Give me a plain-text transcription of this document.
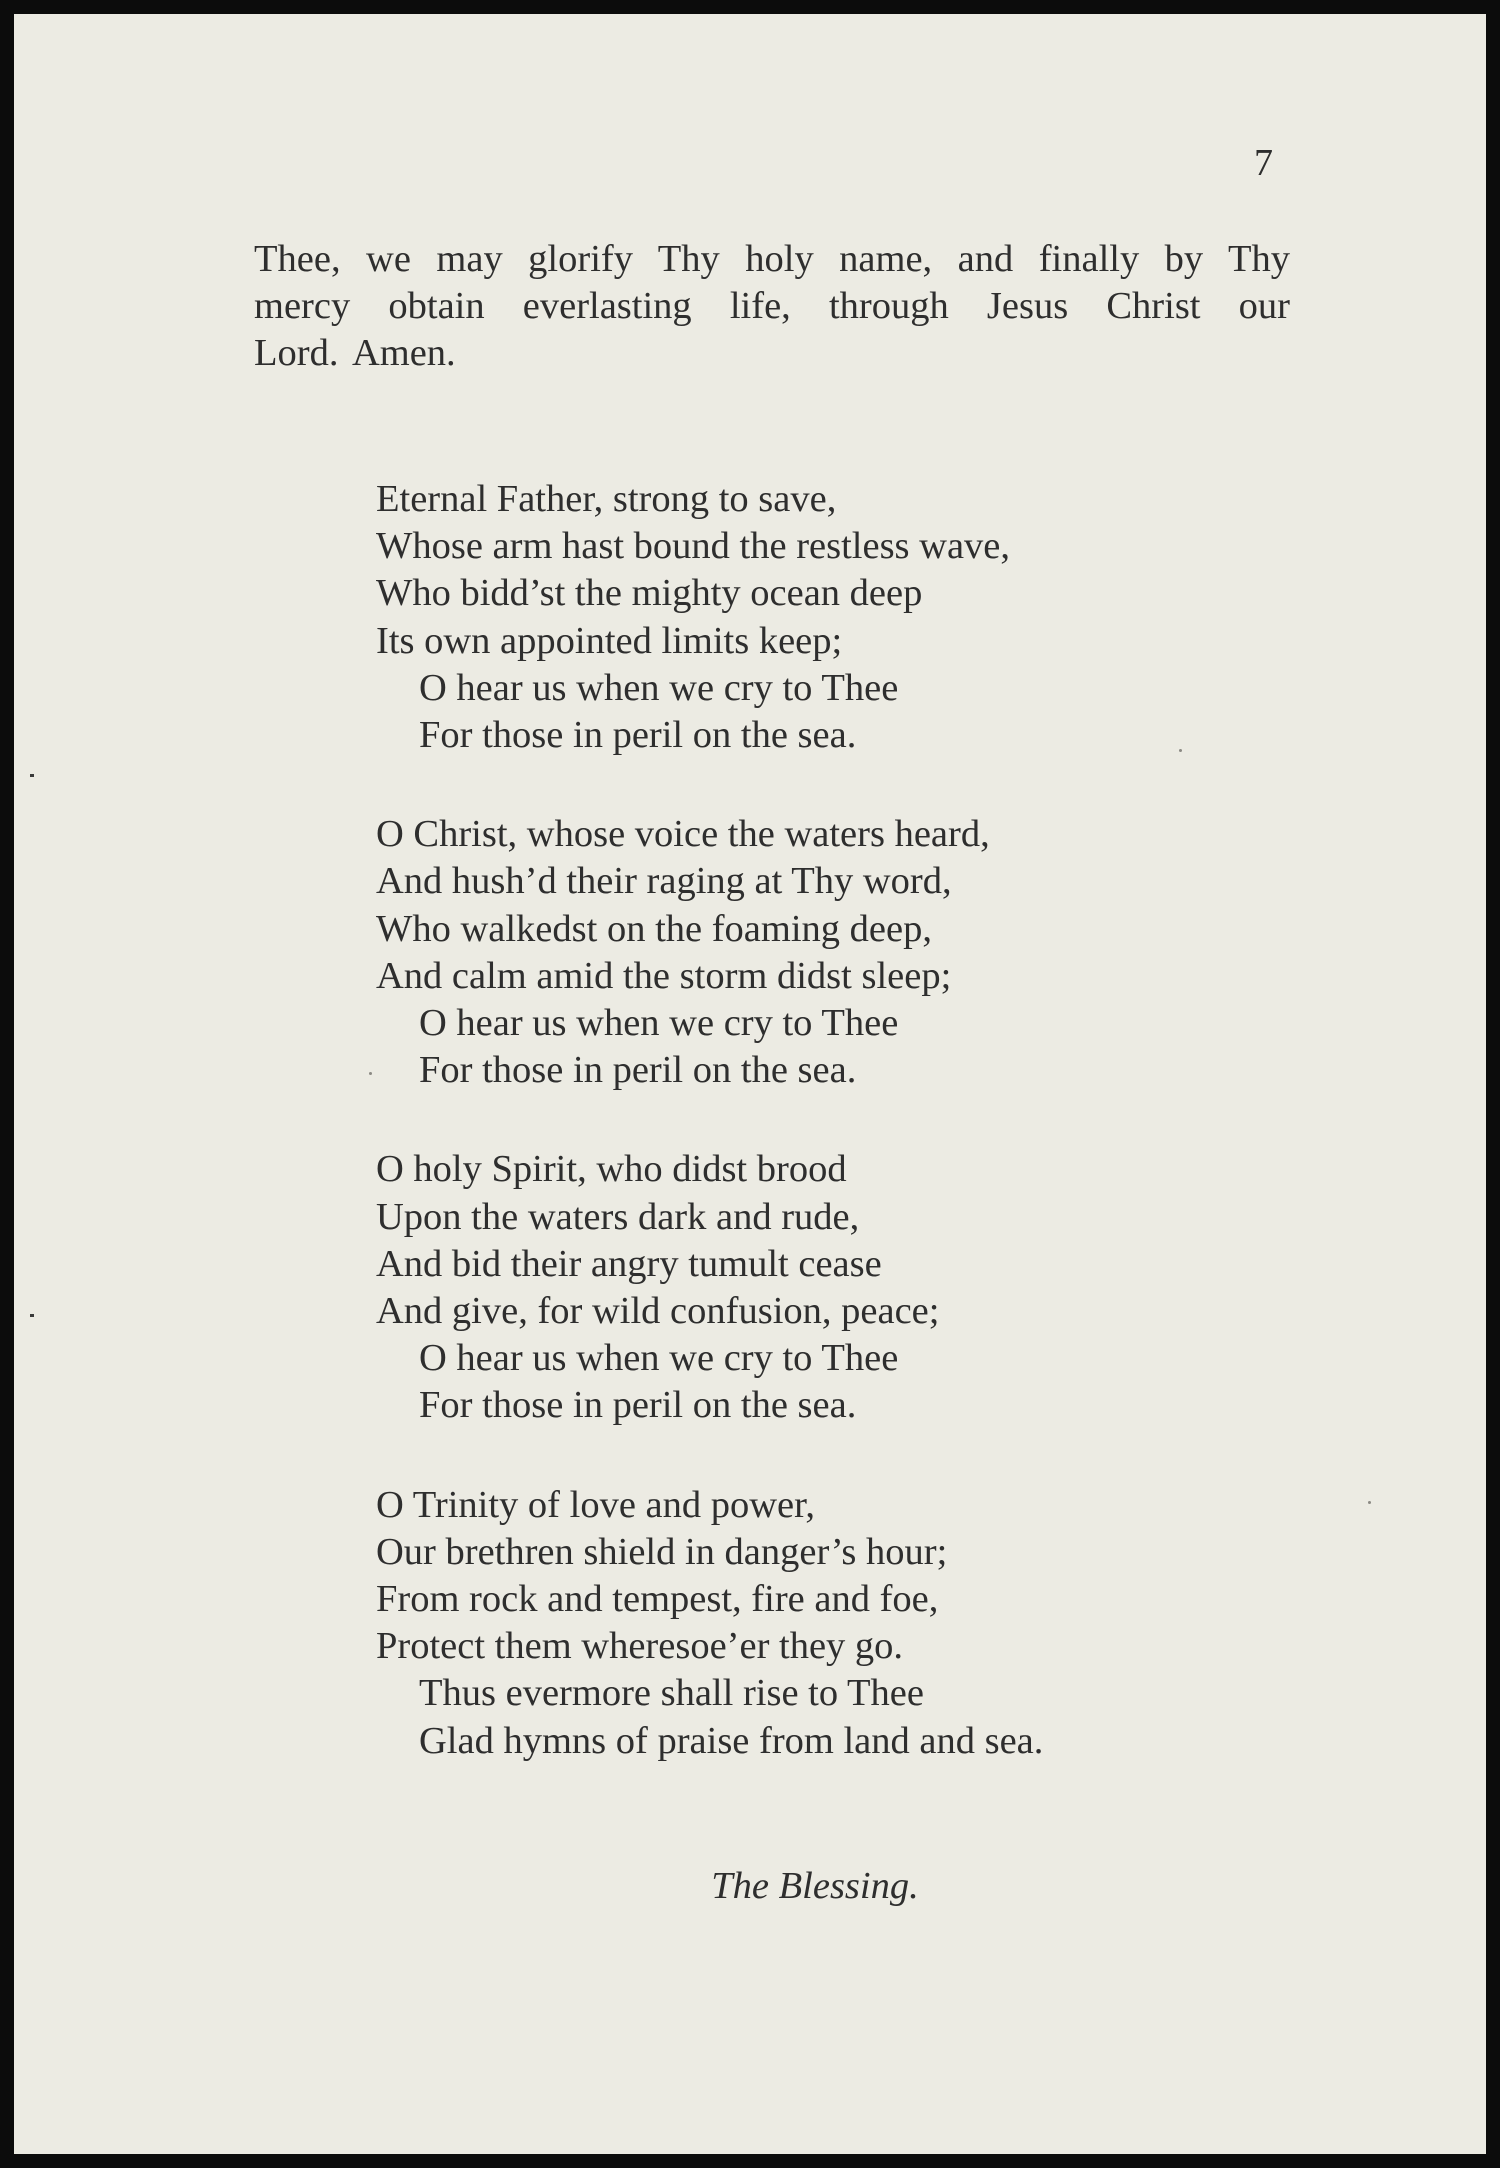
7
Thee, we may glorify Thy holy name, and finally by Thy
mercy obtain everlasting life, through Jesus Christ our
Lord. Amen.
Eternal Father, strong to save,
Whose arm hast bound the restless wave,
Who bidd’st the mighty ocean deep
Its own appointed limits keep;
O hear us when we cry to Thee
For those in peril on the sea.
O Christ, whose voice the waters heard,
And hush’d their raging at Thy word,
Who walkedst on the foaming deep,
And calm amid the storm didst sleep;
O hear us when we cry to Thee
For those in peril on the sea.
O holy Spirit, who didst brood
Upon the waters dark and rude,
And bid their angry tumult cease
And give, for wild confusion, peace;
O hear us when we cry to Thee
For those in peril on the sea.
O Trinity of love and power,
Our brethren shield in danger’s hour;
From rock and tempest, fire and foe,
Protect them wheresoe’er they go.
Thus evermore shall rise to Thee
Glad hymns of praise from land and sea.
The Blessing.
